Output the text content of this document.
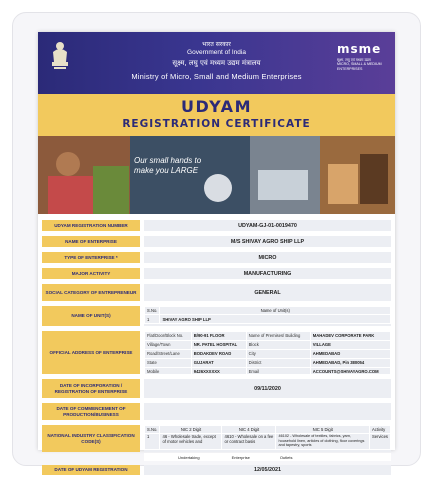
भारत सरकार
Government of India
सूक्ष्म, लघु एवं मध्यम उद्यम मंत्रालय
Ministry of Micro, Small and Medium Enterprises
msme
सूक्ष्म, लघु एवं मध्यम उद्यम
MICRO, SMALL & MEDIUM ENTERPRISES
UDYAM
REGISTRATION CERTIFICATE
Our small hands to
make you LARGE
UDYAM REGISTRATION NUMBER	UDYAM-GJ-01-0019470
NAME OF ENTERPRISE	M/S SHIVAY AGRO SHIP LLP
TYPE OF ENTERPRISE *	MICRO
MAJOR ACTIVITY	MANUFACTURING
SOCIAL CATEGORY OF ENTREPRENEUR	GENERAL
NAME OF UNIT(S)
S.No.	Name of Unit(s)
1	SHIVAY AGRO SHIP LLP
OFFICIAL ADDRESS OF ENTERPRISE
Flat/Door/Block No.	B/90-91 FLOOR	Name of Premises/ Building	MAHADEV CORPORATE PARK
Village/Town	NR. PATEL HOSPITAL	Block	VILLAGE
Road/Street/Lane	BODAKDEV ROAD	City	AHMEDABAD
State	GUJARAT	District	AHMEDABAD, Pin 380054
Mobile	9426XXXXXX	Email	ACCOUNTS@SHIVAYAGRO.COM
DATE OF INCORPORATION / REGISTRATION OF ENTERPRISE	09/11/2020
DATE OF COMMENCEMENT OF PRODUCTION/BUSINESS
NATIONAL INDUSTRY CLASSIFICATION CODE(S)
S.No.	NIC 2 Digit	NIC 4 Digit	NIC 5 Digit	Activity
1	46 - Wholesale trade, except of motor vehicles and	4610 - Wholesale on a fee or contract basis	46102 - Wholesale of textiles, fabrics, yarn, household linen, articles of clothing, floor coverings and tapestry, sports	Services
Undertaking	Enterprise	Outlets
DATE OF UDYAM REGISTRATION	12/05/2021
